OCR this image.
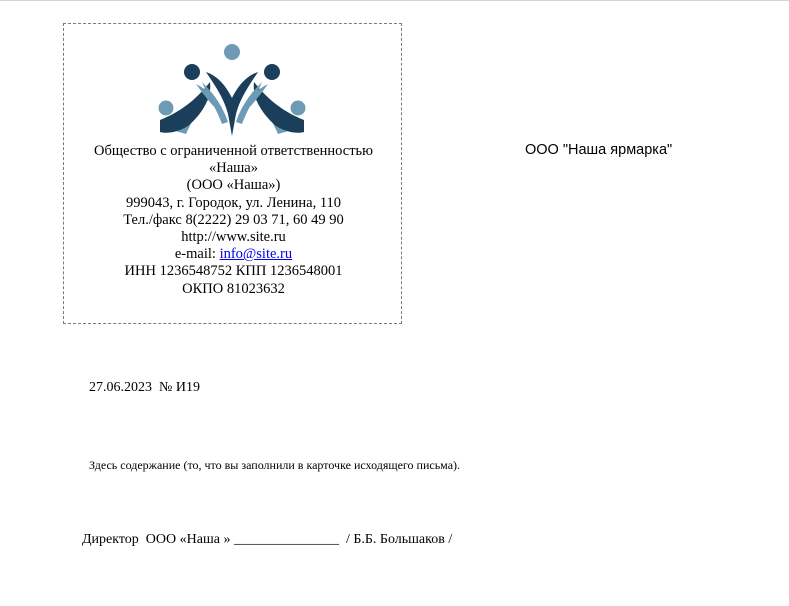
Общество с ограниченной ответственностью
«Наша»
(ООО «Наша»)
999043, г. Городок, ул. Ленина, 110
Тел./факс 8(2222) 29 03 71, 60 49 90
http://www.site.ru
e-mail: info@site.ru
ИНН 1236548752 КПП 1236548001
ОКПО 81023632
ООО "Наша ярмарка"
27.06.2023  № И19
Здесь содержание (то, что вы заполнили в карточке исходящего письма).
Директор  ООО «Наша » _______________  / Б.Б. Большаков /
